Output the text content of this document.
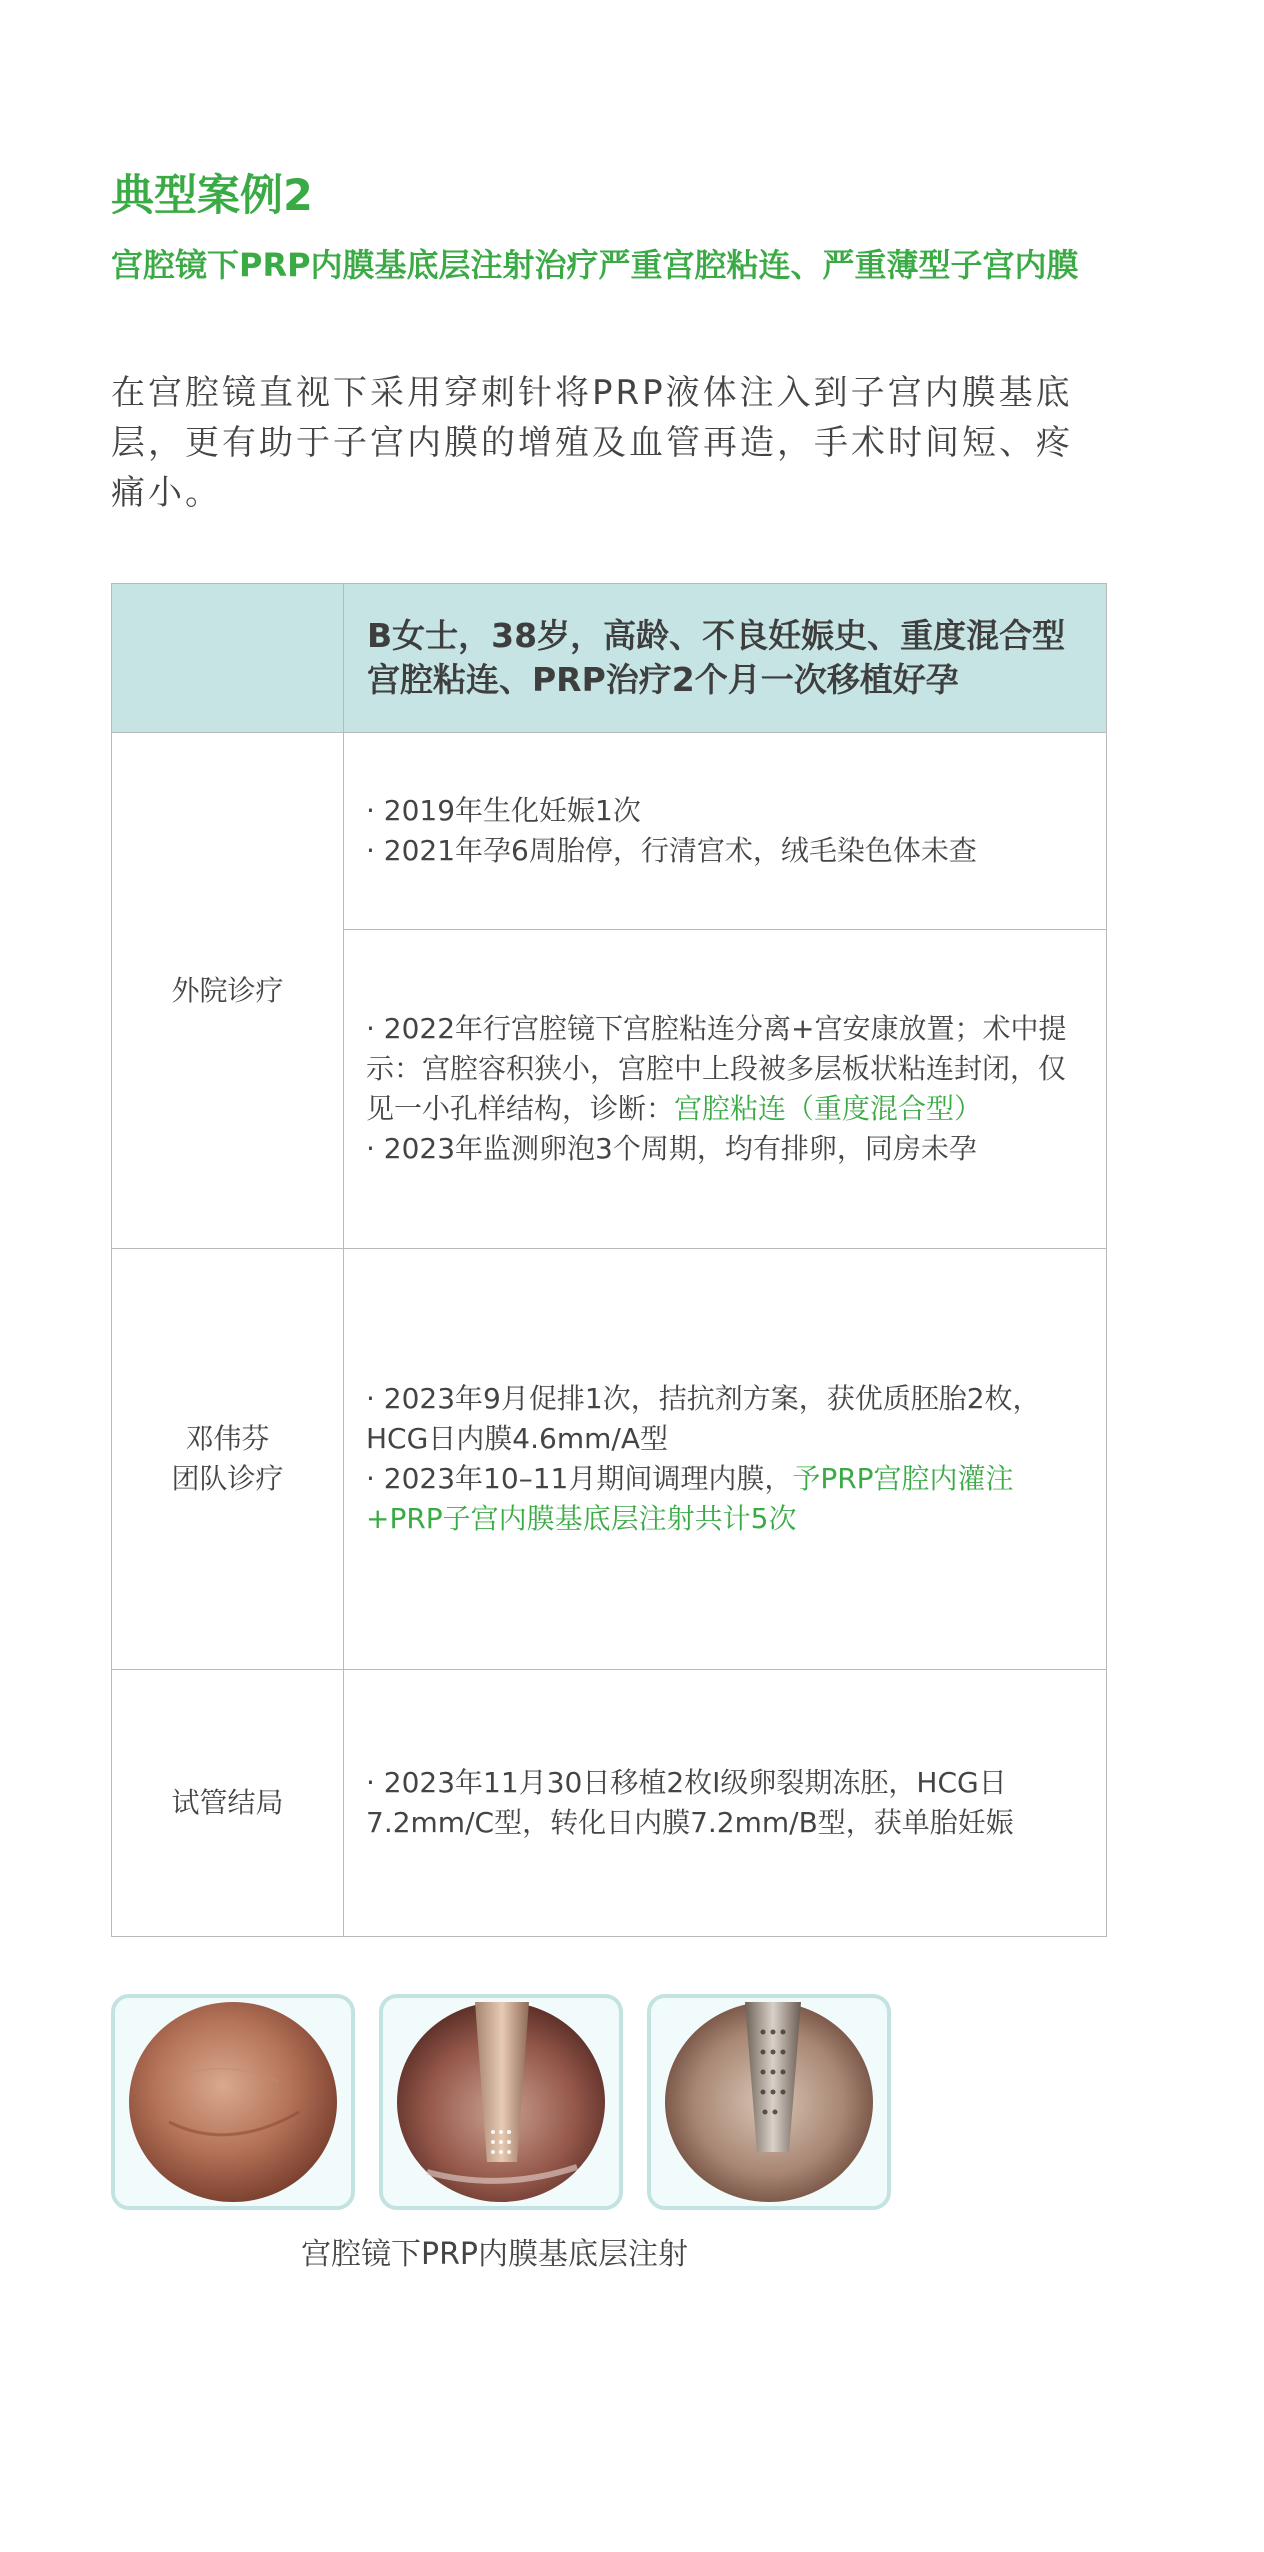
典型案例2
宫腔镜下PRP内膜基底层注射治疗严重宫腔粘连、严重薄型子宫内膜

在宫腔镜直视下采用穿刺针将PRP液体注入到子宫内膜基底层，更有助于子宫内膜的增殖及血管再造，手术时间短、疼痛小。

	B女士，38岁，高龄、不良妊娠史、重度混合型宫腔粘连、PRP治疗2个月一次移植好孕

外院诊疗	· 2019年生化妊娠1次
· 2021年孕6周胎停，行清宫术，绒毛染色体未查

	· 2022年行宫腔镜下宫腔粘连分离+宫安康放置；术中提示：宫腔容积狭小，宫腔中上段被多层板状粘连封闭，仅见一小孔样结构，诊断：宫腔粘连（重度混合型）
· 2023年监测卵泡3个周期，均有排卵，同房未孕

邓伟芬
团队诊疗	· 2023年9月促排1次，拮抗剂方案，获优质胚胎2枚，HCG日内膜4.6mm/A型
· 2023年10–11月期间调理内膜，予PRP宫腔内灌注+PRP子宫内膜基底层注射共计5次

试管结局	· 2023年11月30日移植2枚Ⅰ级卵裂期冻胚，HCG日7.2mm/C型，转化日内膜7.2mm/B型，获单胎妊娠

宫腔镜下PRP内膜基底层注射
